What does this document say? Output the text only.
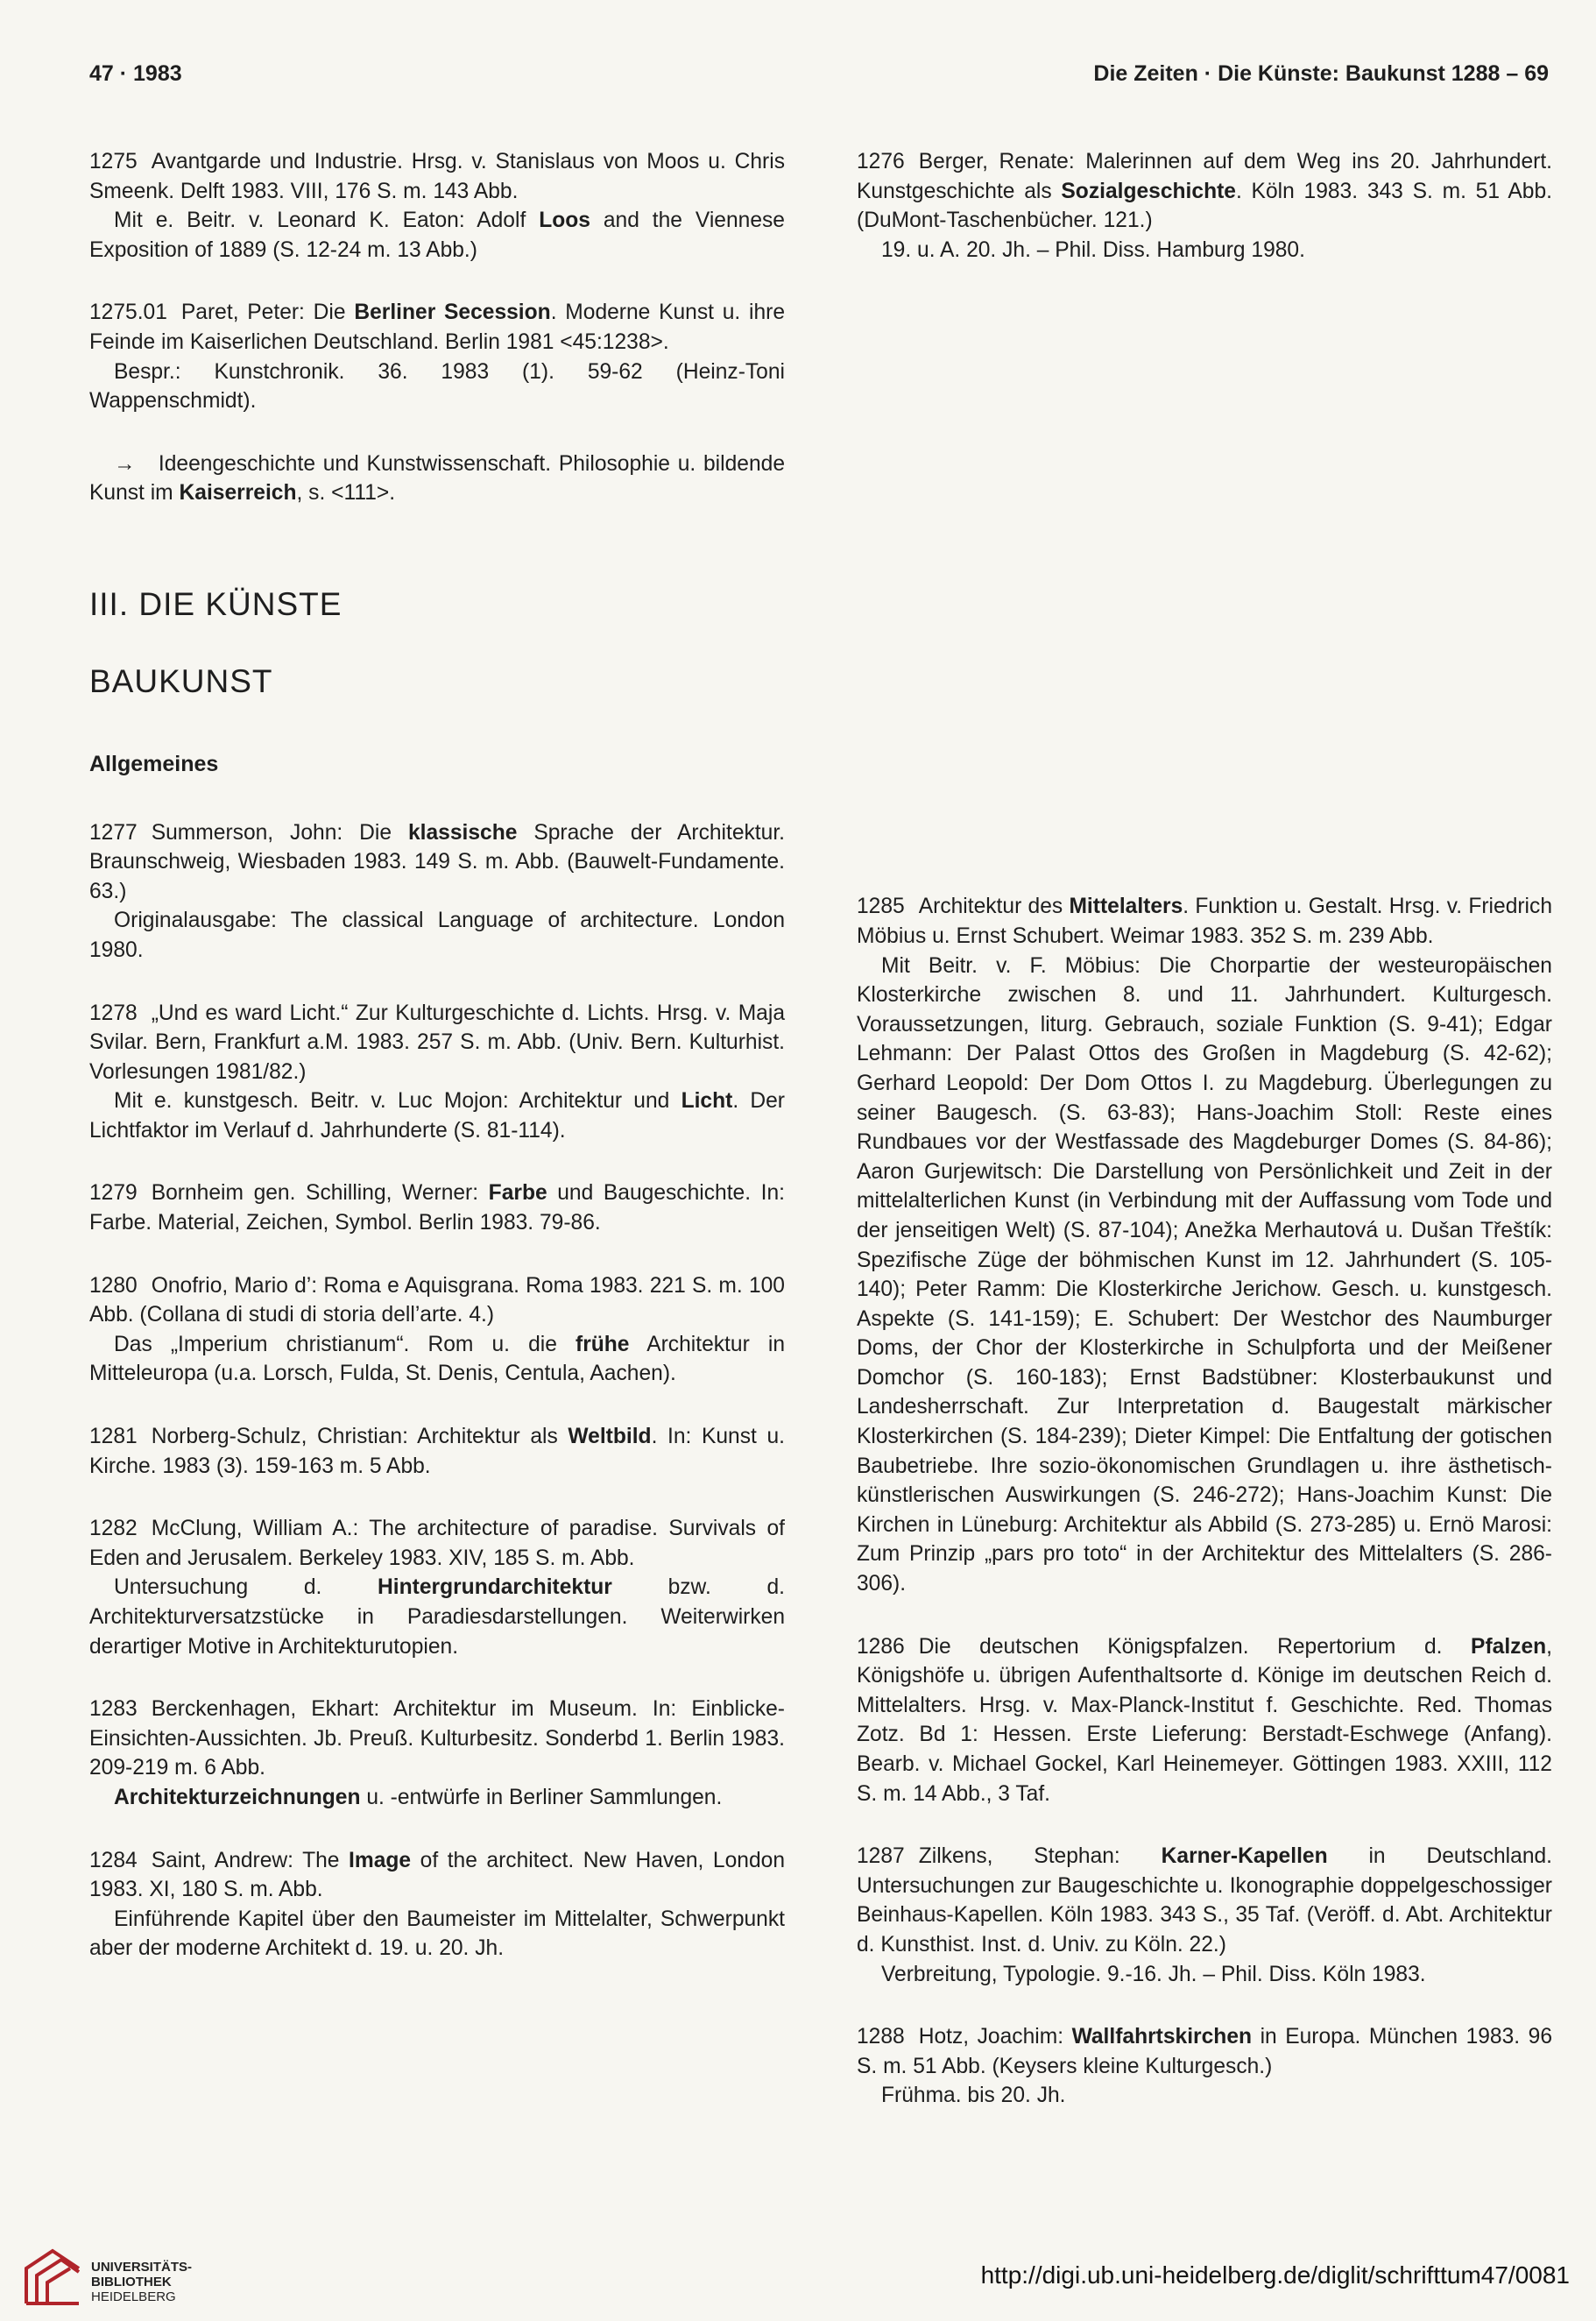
47 · 1983	Die Zeiten · Die Künste: Baukunst 1288 – 69

1275 Avantgarde und Industrie. Hrsg. v. Stanislaus von Moos u. Chris Smeenk. Delft 1983. VIII, 176 S. m. 143 Abb.

Mit e. Beitr. v. Leonard K. Eaton: Adolf Loos and the Viennese Exposition of 1889 (S. 12-24 m. 13 Abb.)

1275.01 Paret, Peter: Die Berliner Secession. Moderne Kunst u. ihre Feinde im Kaiserlichen Deutschland. Berlin 1981 <45:1238>.

Bespr.: Kunstchronik. 36. 1983 (1). 59-62 (Heinz-Toni Wappenschmidt).

→ Ideengeschichte und Kunstwissenschaft. Philosophie u. bildende Kunst im Kaiserreich, s. <111>.

III. DIE KÜNSTE
BAUKUNST
Allgemeines

1277 Summerson, John: Die klassische Sprache der Architektur. Braunschweig, Wiesbaden 1983. 149 S. m. Abb. (Bauwelt-Fundamente. 63.)

Originalausgabe: The classical Language of architecture. London 1980.

1278 „Und es ward Licht.“ Zur Kulturgeschichte d. Lichts. Hrsg. v. Maja Svilar. Bern, Frankfurt a.M. 1983. 257 S. m. Abb. (Univ. Bern. Kulturhist. Vorlesungen 1981/82.)

Mit e. kunstgesch. Beitr. v. Luc Mojon: Architektur und Licht. Der Lichtfaktor im Verlauf d. Jahrhunderte (S. 81-114).

1279 Bornheim gen. Schilling, Werner: Farbe und Baugeschichte. In: Farbe. Material, Zeichen, Symbol. Berlin 1983. 79-86.

1280 Onofrio, Mario d’: Roma e Aquisgrana. Roma 1983. 221 S. m. 100 Abb. (Collana di studi di storia dell’arte. 4.)

Das „Imperium christianum“. Rom u. die frühe Architektur in Mitteleuropa (u.a. Lorsch, Fulda, St. Denis, Centula, Aachen).

1281 Norberg-Schulz, Christian: Architektur als Weltbild. In: Kunst u. Kirche. 1983 (3). 159-163 m. 5 Abb.

1282 McClung, William A.: The architecture of paradise. Survivals of Eden and Jerusalem. Berkeley 1983. XIV, 185 S. m. Abb.

Untersuchung d. Hintergrundarchitektur bzw. d. Architekturversatzstücke in Paradiesdarstellungen. Weiterwirken derartiger Motive in Architekturutopien.

1283 Berckenhagen, Ekhart: Architektur im Museum. In: Einblicke-Einsichten-Aussichten. Jb. Preuß. Kulturbesitz. Sonderbd 1. Berlin 1983. 209-219 m. 6 Abb.

Architekturzeichnungen u. -entwürfe in Berliner Sammlungen.

1284 Saint, Andrew: The Image of the architect. New Haven, London 1983. XI, 180 S. m. Abb.

Einführende Kapitel über den Baumeister im Mittelalter, Schwerpunkt aber der moderne Architekt d. 19. u. 20. Jh.

1276 Berger, Renate: Malerinnen auf dem Weg ins 20. Jahrhundert. Kunstgeschichte als Sozialgeschichte. Köln 1983. 343 S. m. 51 Abb. (DuMont-Taschenbücher. 121.)

19. u. A. 20. Jh. – Phil. Diss. Hamburg 1980.

1285 Architektur des Mittelalters. Funktion u. Gestalt. Hrsg. v. Friedrich Möbius u. Ernst Schubert. Weimar 1983. 352 S. m. 239 Abb.

Mit Beitr. v. F. Möbius: Die Chorpartie der westeuropäischen Klosterkirche zwischen 8. und 11. Jahrhundert. Kulturgesch. Voraussetzungen, liturg. Gebrauch, soziale Funktion (S. 9-41); Edgar Lehmann: Der Palast Ottos des Großen in Magdeburg (S. 42-62); Gerhard Leopold: Der Dom Ottos I. zu Magdeburg. Überlegungen zu seiner Baugesch. (S. 63-83); Hans-Joachim Stoll: Reste eines Rundbaues vor der Westfassade des Magdeburger Domes (S. 84-86); Aaron Gurjewitsch: Die Darstellung von Persönlichkeit und Zeit in der mittelalterlichen Kunst (in Verbindung mit der Auffassung vom Tode und der jenseitigen Welt) (S. 87-104); Anežka Merhautová u. Dušan Třeštík: Spezifische Züge der böhmischen Kunst im 12. Jahrhundert (S. 105-140); Peter Ramm: Die Klosterkirche Jerichow. Gesch. u. kunstgesch. Aspekte (S. 141-159); E. Schubert: Der Westchor des Naumburger Doms, der Chor der Klosterkirche in Schulpforta und der Meißener Domchor (S. 160-183); Ernst Badstübner: Klosterbaukunst und Landesherrschaft. Zur Interpretation d. Baugestalt märkischer Klosterkirchen (S. 184-239); Dieter Kimpel: Die Entfaltung der gotischen Baubetriebe. Ihre sozio-ökonomischen Grundlagen u. ihre ästhetisch-künstlerischen Auswirkungen (S. 246-272); Hans-Joachim Kunst: Die Kirchen in Lüneburg: Architektur als Abbild (S. 273-285) u. Ernö Marosi: Zum Prinzip „pars pro toto“ in der Architektur des Mittelalters (S. 286-306).

1286 Die deutschen Königspfalzen. Repertorium d. Pfalzen, Königshöfe u. übrigen Aufenthaltsorte d. Könige im deutschen Reich d. Mittelalters. Hrsg. v. Max-Planck-Institut f. Geschichte. Red. Thomas Zotz. Bd 1: Hessen. Erste Lieferung: Berstadt-Eschwege (Anfang). Bearb. v. Michael Gockel, Karl Heinemeyer. Göttingen 1983. XXIII, 112 S. m. 14 Abb., 3 Taf.

1287 Zilkens, Stephan: Karner-Kapellen in Deutschland. Untersuchungen zur Baugeschichte u. Ikonographie doppelgeschossiger Beinhaus-Kapellen. Köln 1983. 343 S., 35 Taf. (Veröff. d. Abt. Architektur d. Kunsthist. Inst. d. Univ. zu Köln. 22.)

Verbreitung, Typologie. 9.-16. Jh. – Phil. Diss. Köln 1983.

1288 Hotz, Joachim: Wallfahrtskirchen in Europa. München 1983. 96 S. m. 51 Abb. (Keysers kleine Kulturgesch.)

Frühma. bis 20. Jh.

UNIVERSITÄTS-
BIBLIOTHEK
HEIDELBERG
http://digi.ub.uni-heidelberg.de/diglit/schrifttum47/0081
